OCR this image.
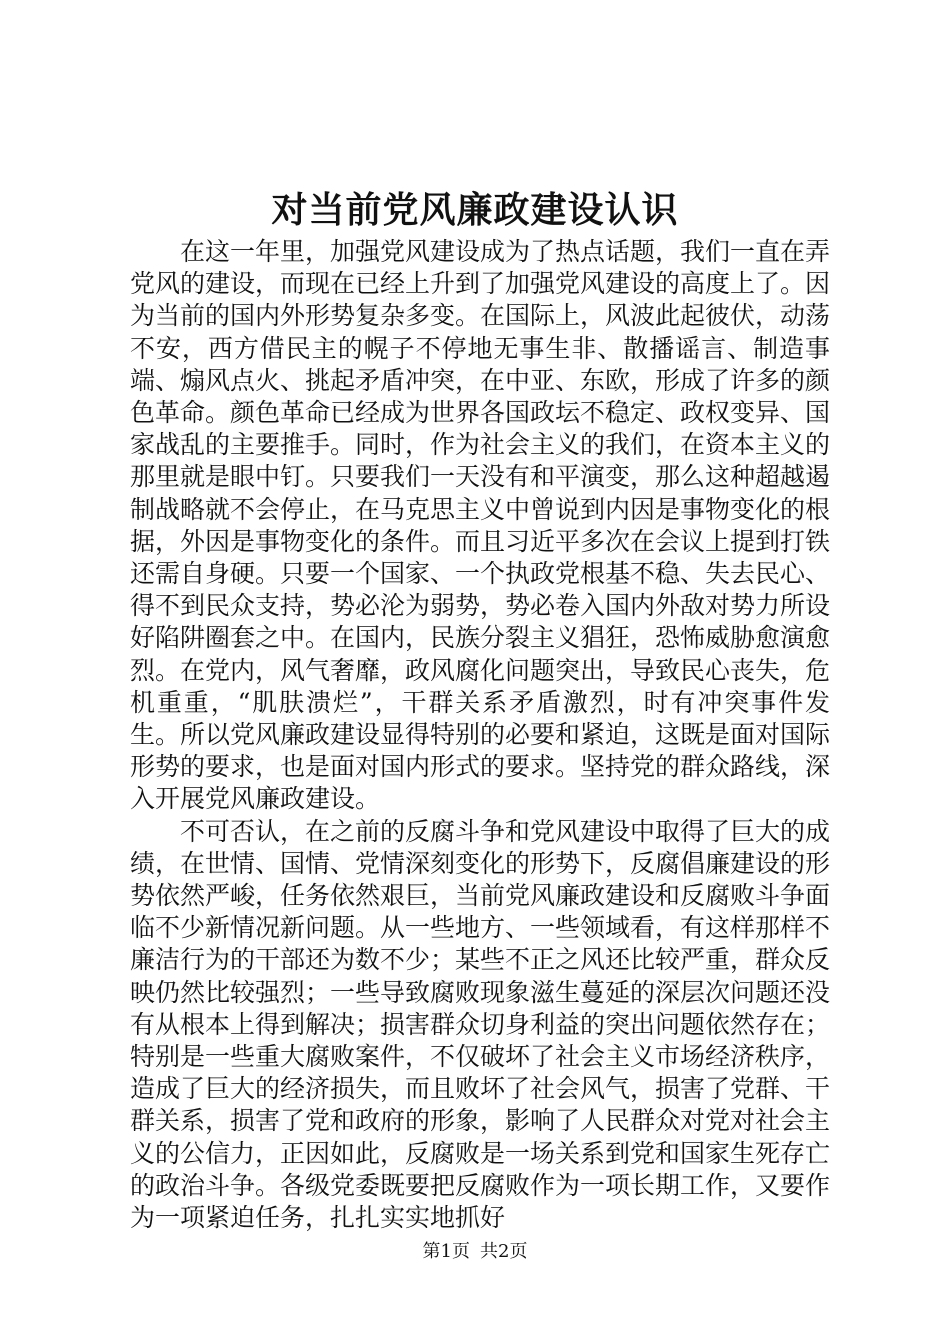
对当前党风廉政建设认识

在这一年里，加强党风建设成为了热点话题，我们一直在弄党风的建设，而现在已经上升到了加强党风建设的高度上了。因为当前的国内外形势复杂多变。在国际上，风波此起彼伏，动荡不安，西方借民主的幌子不停地无事生非、散播谣言、制造事端、煽风点火、挑起矛盾冲突，在中亚、东欧，形成了许多的颜色革命。颜色革命已经成为世界各国政坛不稳定、政权变异、国家战乱的主要推手。同时，作为社会主义的我们，在资本主义的那里就是眼中钉。只要我们一天没有和平演变，那么这种超越遏制战略就不会停止，在马克思主义中曾说到内因是事物变化的根据，外因是事物变化的条件。而且习近平多次在会议上提到打铁还需自身硬。只要一个国家、一个执政党根基不稳、失去民心、得不到民众支持，势必沦为弱势，势必卷入国内外敌对势力所设好陷阱圈套之中。在国内，民族分裂主义猖狂，恐怖威胁愈演愈烈。在党内，风气奢靡，政风腐化问题突出，导致民心丧失，危机重重，“肌肤溃烂”，干群关系矛盾激烈，时有冲突事件发生。所以党风廉政建设显得特别的必要和紧迫，这既是面对国际形势的要求，也是面对国内形式的要求。坚持党的群众路线，深入开展党风廉政建设。

不可否认，在之前的反腐斗争和党风建设中取得了巨大的成绩，在世情、国情、党情深刻变化的形势下，反腐倡廉建设的形势依然严峻，任务依然艰巨，当前党风廉政建设和反腐败斗争面临不少新情况新问题。从一些地方、一些领域看，有这样那样不廉洁行为的干部还为数不少；某些不正之风还比较严重，群众反映仍然比较强烈；一些导致腐败现象滋生蔓延的深层次问题还没有从根本上得到解决；损害群众切身利益的突出问题依然存在；特别是一些重大腐败案件，不仅破坏了社会主义市场经济秩序，造成了巨大的经济损失，而且败坏了社会风气，损害了党群、干群关系，损害了党和政府的形象，影响了人民群众对党对社会主义的公信力，正因如此，反腐败是一场关系到党和国家生死存亡的政治斗争。各级党委既要把反腐败作为一项长期工作，又要作为一项紧迫任务，扎扎实实地抓好

第1页 共2页
